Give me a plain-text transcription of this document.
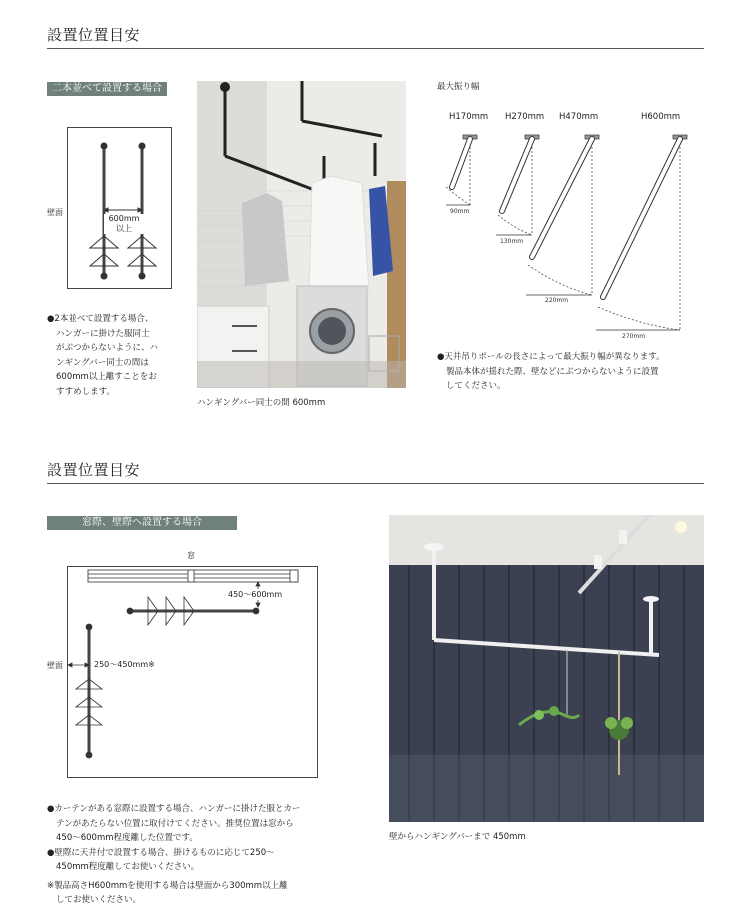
設置位置目安
二本並べて設置する場合
600mm
以上
壁面
●2本並べて設置する場合、
ハンガーに掛けた服同士
がぶつからないように、ハ
ンギングバー同士の間は
600mm以上離すことをお
すすめします。
ハンギングバー同士の間 600mm
最大振り幅
H170mm H270mm H470mm	H600mm
90mm
130mm
220mm
270mm
●天井吊りポールの長さによって最大振り幅が異なります。
製品本体が揺れた際、壁などにぶつからないように設置
してください。
設置位置目安
窓際、壁際へ設置する場合
窓
450～600mm
250～450mm※
壁面
●カーテンがある窓際に設置する場合、ハンガーに掛けた服とカー
テンがあたらない位置に取付けてください。推奨位置は窓から
450～600mm程度離した位置です。
●壁際に天井付で設置する場合、掛けるものに応じて250～
450mm程度離してお使いください。
※製品高さH600mmを使用する場合は壁面から300mm以上離
してお使いください。
壁からハンギングバーまで 450mm
